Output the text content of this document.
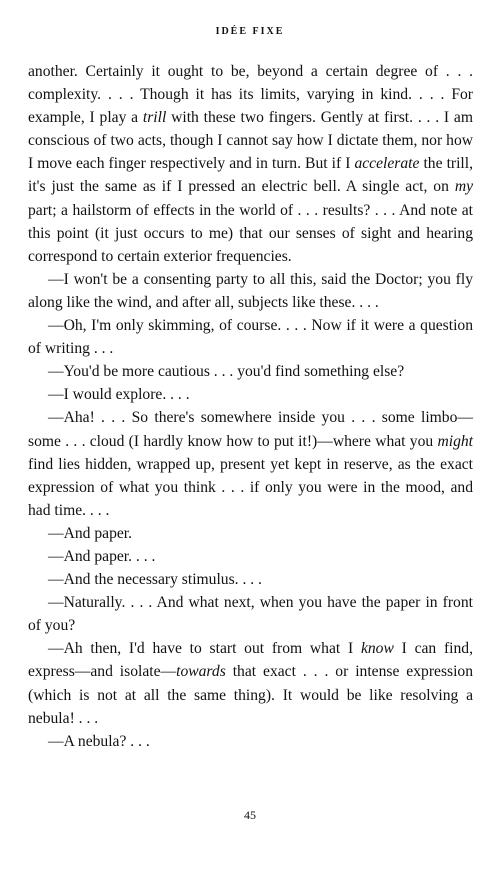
IDÉE FIXE

another. Certainly it ought to be, beyond a certain degree of . . . complexity. . . . Though it has its limits, varying in kind. . . . For example, I play a trill with these two fingers. Gently at first. . . . I am conscious of two acts, though I cannot say how I dictate them, nor how I move each finger respectively and in turn. But if I accelerate the trill, it's just the same as if I pressed an electric bell. A single act, on my part; a hailstorm of effects in the world of . . . results? . . . And note at this point (it just occurs to me) that our senses of sight and hearing correspond to certain exterior frequencies.

—I won't be a consenting party to all this, said the Doctor; you fly along like the wind, and after all, subjects like these. . . .

—Oh, I'm only skimming, of course. . . . Now if it were a question of writing . . .

—You'd be more cautious . . . you'd find something else?

—I would explore. . . .

—Aha! . . . So there's somewhere inside you . . . some limbo—some . . . cloud (I hardly know how to put it!)—where what you might find lies hidden, wrapped up, present yet kept in reserve, as the exact expression of what you think . . . if only you were in the mood, and had time. . . .

—And paper.

—And paper. . . .

—And the necessary stimulus. . . .

—Naturally. . . . And what next, when you have the paper in front of you?

—Ah then, I'd have to start out from what I know I can find, express—and isolate—towards that exact . . . or intense expression (which is not at all the same thing). It would be like resolving a nebula! . . .

—A nebula? . . .

45
